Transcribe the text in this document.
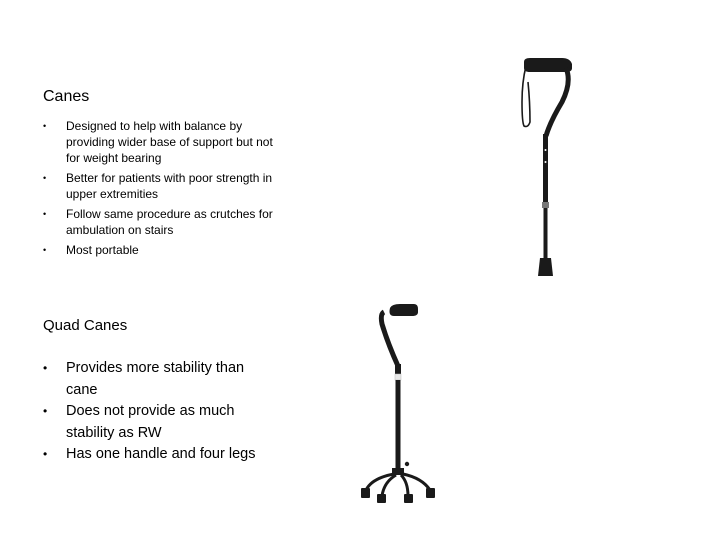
Canes
• Designed to help with balance by providing wider base of support but not for weight bearing
• Better for patients with poor strength in upper extremities
• Follow same procedure as crutches for ambulation on stairs
• Most portable
Quad Canes
• Provides more stability than cane
• Does not provide as much stability as RW
• Has one handle and four legs
